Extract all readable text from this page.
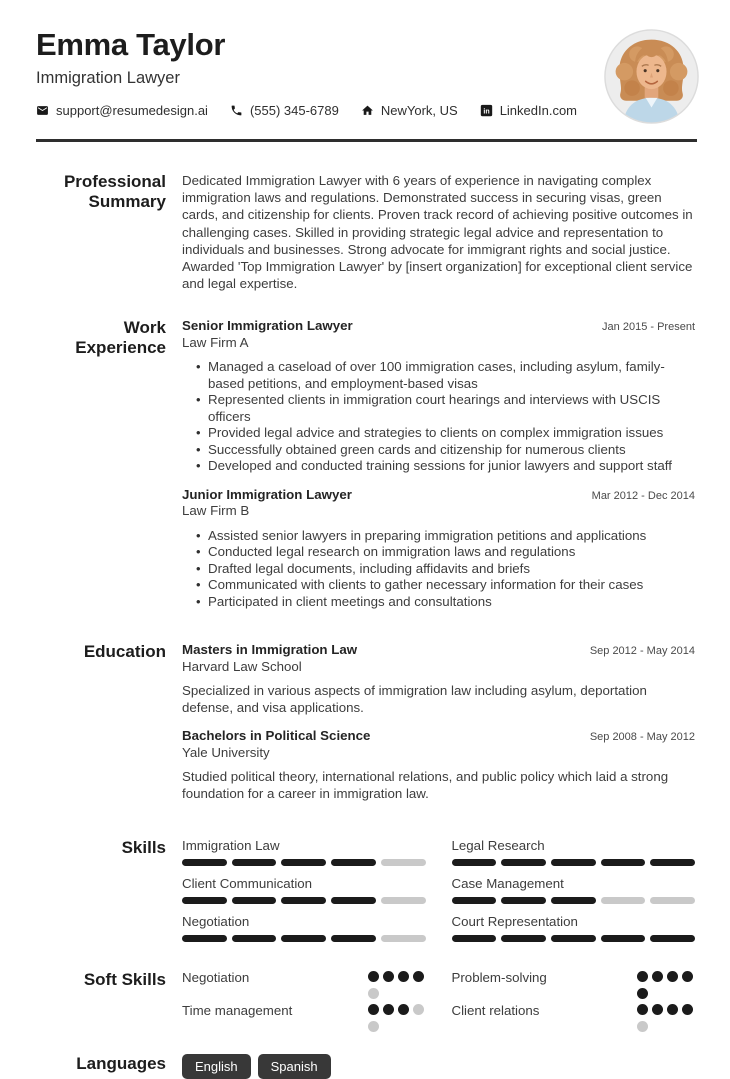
Emma Taylor
Immigration Lawyer
support@resumedesign.ai	(555) 345-6789	NewYork, US in LinkedIn.com
Professional Summary
Dedicated Immigration Lawyer with 6 years of experience in navigating complex immigration laws and regulations. Demonstrated success in securing visas, green cards, and citizenship for clients. Proven track record of achieving positive outcomes in challenging cases. Skilled in providing strategic legal advice and representation to individuals and businesses. Strong advocate for immigrant rights and social justice. Awarded 'Top Immigration Lawyer' by [insert organization] for exceptional client service and legal expertise.
Work Experience
Senior Immigration Lawyer	Jan 2015 - Present
Law Firm A
• Managed a caseload of over 100 immigration cases, including asylum, family-based petitions, and employment-based visas
• Represented clients in immigration court hearings and interviews with USCIS officers
• Provided legal advice and strategies to clients on complex immigration issues
• Successfully obtained green cards and citizenship for numerous clients
• Developed and conducted training sessions for junior lawyers and support staff
Junior Immigration Lawyer	Mar 2012 - Dec 2014
Law Firm B
• Assisted senior lawyers in preparing immigration petitions and applications
• Conducted legal research on immigration laws and regulations
• Drafted legal documents, including affidavits and briefs
• Communicated with clients to gather necessary information for their cases
• Participated in client meetings and consultations
Education Masters in Immigration Law	Sep 2012 - May 2014
Harvard Law School

Specialized in various aspects of immigration law including asylum, deportation defense, and visa applications.

Bachelors in Political Science	Sep 2008 - May 2012
Yale University

Studied political theory, international relations, and public policy which laid a strong foundation for a career in immigration law.

Skills Immigration Law	Legal Research
Client Communication	Case Management
Negotiation	Court Representation
Soft Skills Negotiation	Problem-solving
Time management	Client relations
Languages	English	Spanish
